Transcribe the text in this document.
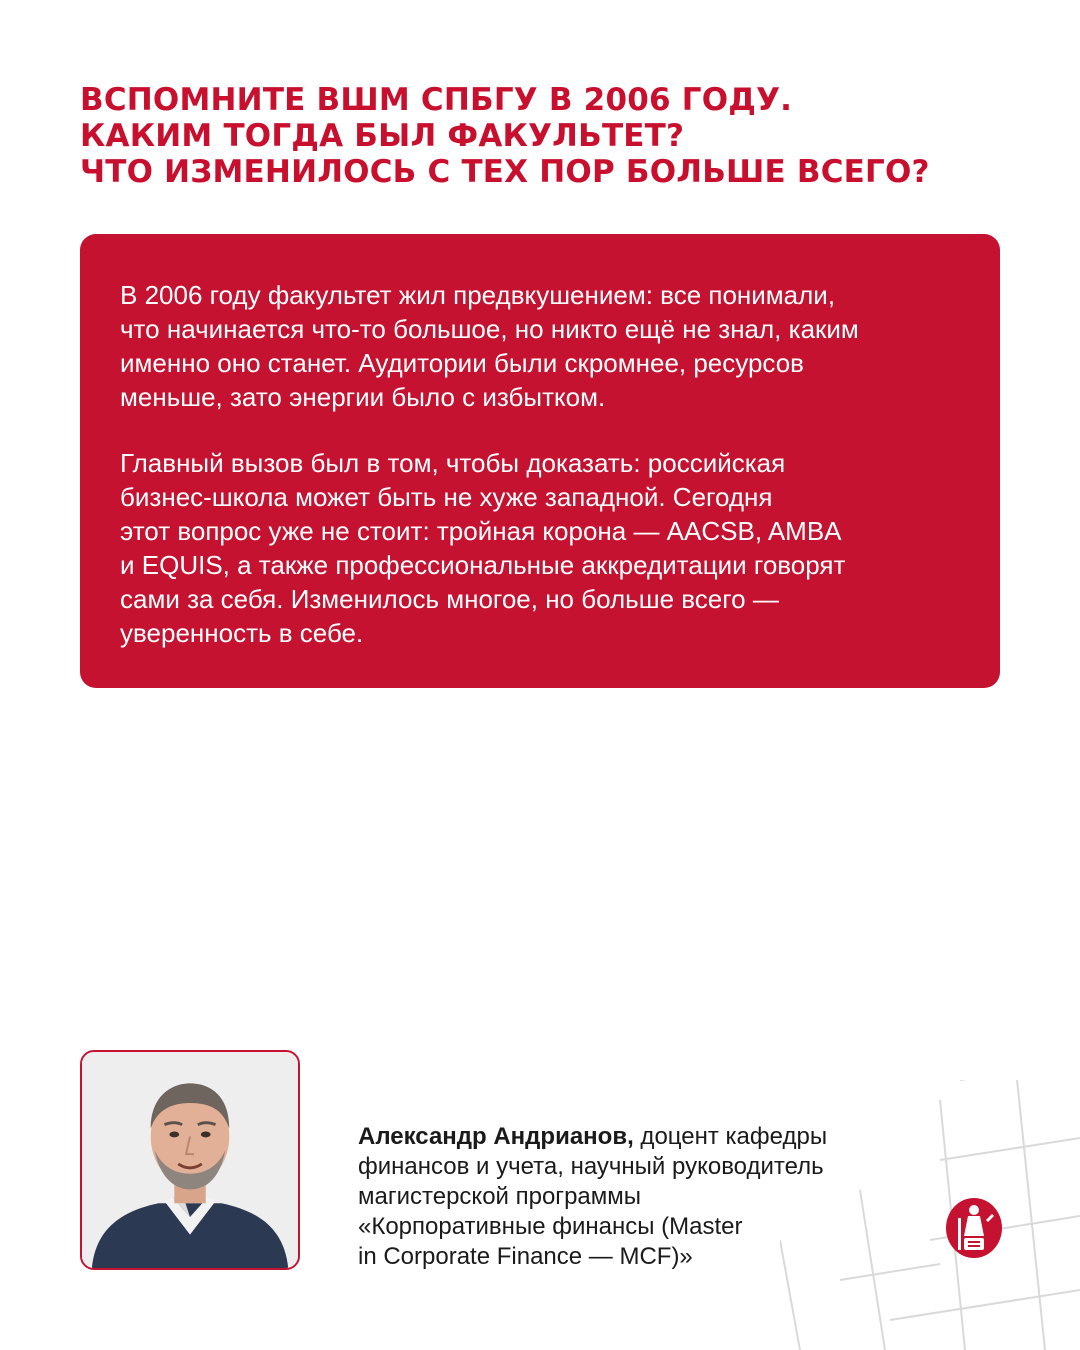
ВСПОМНИТЕ ВШМ СПБГУ В 2006 ГОДУ.
КАКИМ ТОГДА БЫЛ ФАКУЛЬТЕТ?
ЧТО ИЗМЕНИЛОСЬ С ТЕХ ПОР БОЛЬШЕ ВСЕГО?

В 2006 году факультет жил предвкушением: все понимали,
что начинается что-то большое, но никто ещё не знал, каким
именно оно станет. Аудитории были скромнее, ресурсов
меньше, зато энергии было с избытком.

Главный вызов был в том, чтобы доказать: российская
бизнес-школа может быть не хуже западной. Сегодня
этот вопрос уже не стоит: тройная корона — AACSB, AMBA
и EQUIS, а также профессиональные аккредитации говорят
сами за себя. Изменилось многое, но больше всего —
уверенность в себе.

Александр Андрианов, доцент кафедры
финансов и учета, научный руководитель
магистерской программы
«Корпоративные финансы (Master
in Corporate Finance — MCF)»
